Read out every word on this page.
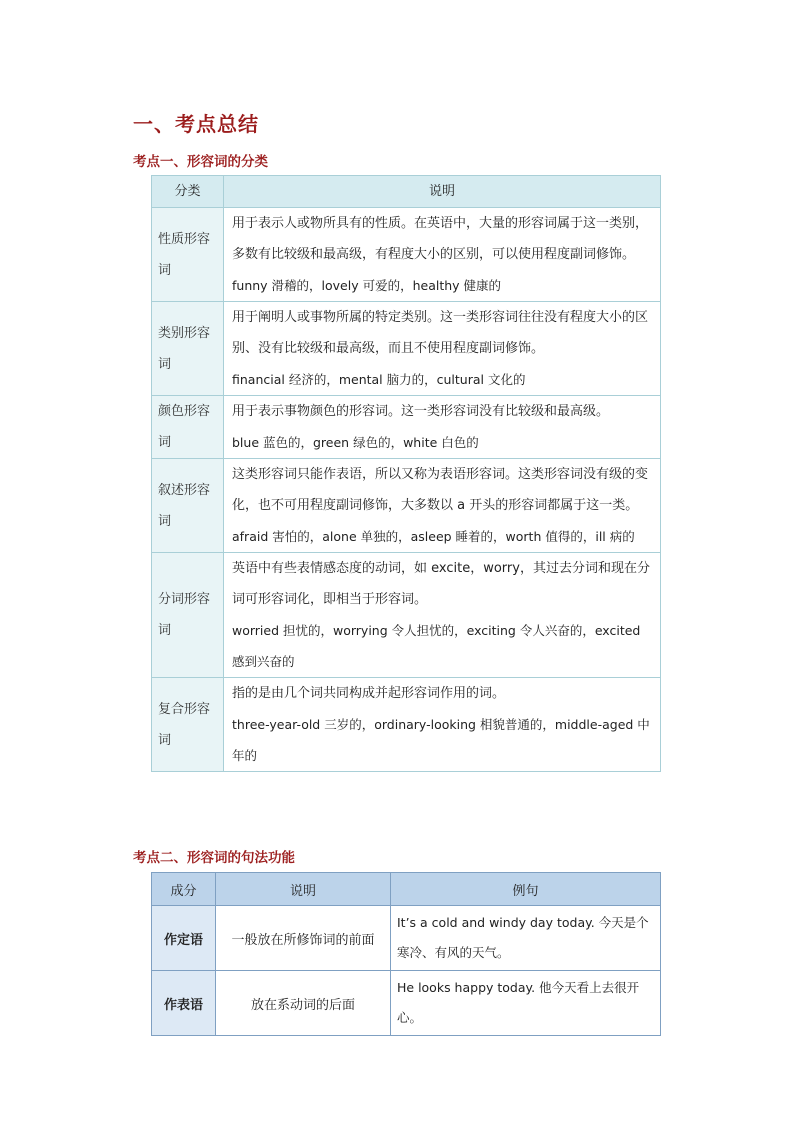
一、考点总结
考点一、形容词的分类
分类	说明
性质形容词	用于表示人或物所具有的性质。在英语中，大量的形容词属于这一类别，多数有比较级和最高级，有程度大小的区别，可以使用程度副词修饰。
funny 滑稽的，lovely 可爱的，healthy 健康的

类别形容词	用于阐明人或事物所属的特定类别。这一类形容词往往没有程度大小的区别、没有比较级和最高级，而且不使用程度副词修饰。
financial 经济的，mental 脑力的，cultural 文化的

颜色形容词	用于表示事物颜色的形容词。这一类形容词没有比较级和最高级。
blue 蓝色的，green 绿色的，white 白色的

叙述形容词	这类形容词只能作表语，所以又称为表语形容词。这类形容词没有级的变化，也不可用程度副词修饰，大多数以 a 开头的形容词都属于这一类。
afraid 害怕的，alone 单独的，asleep 睡着的，worth 值得的，ill 病的

分词形容词	英语中有些表情感态度的动词，如 excite，worry，其过去分词和现在分词可形容词化，即相当于形容词。
worried 担忧的，worrying 令人担忧的，exciting 令人兴奋的，excited 感到兴奋的

复合形容词	指的是由几个词共同构成并起形容词作用的词。
three-year-old 三岁的，ordinary-looking 相貌普通的，middle-aged 中年的
考点二、形容词的句法功能
成分	说明	例句
作定语	一般放在所修饰词的前面	It’s a cold and windy day today. 今天是个寒冷、有风的天气。
作表语	放在系动词的后面	He looks happy today. 他今天看上去很开心。
